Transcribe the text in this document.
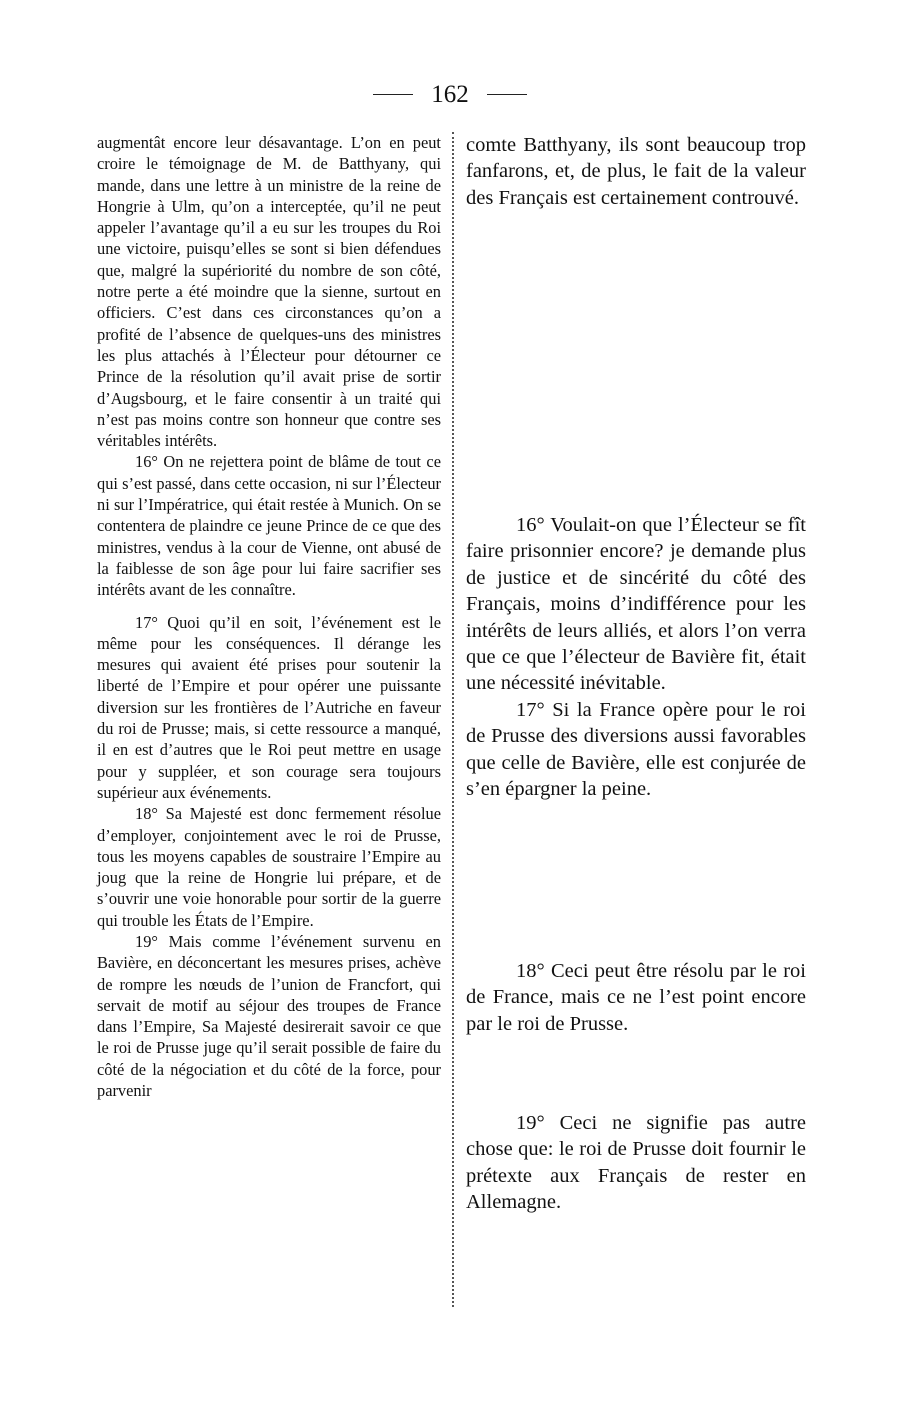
162

augmentât encore leur désavantage. L’on en peut croire le témoignage de M. de Batthyany, qui mande, dans une lettre à un ministre de la reine de Hongrie à Ulm, qu’on a interceptée, qu’il ne peut appeler l’avantage qu’il a eu sur les troupes du Roi une victoire, puisqu’elles se sont si bien défendues que, malgré la supériorité du nombre de son côté, notre perte a été moindre que la sienne, surtout en officiers. C’est dans ces circonstances qu’on a profité de l’absence de quelques-uns des ministres les plus attachés à l’Électeur pour détourner ce Prince de la résolution qu’il avait prise de sortir d’Augsbourg, et le faire consentir à un traité qui n’est pas moins contre son honneur que contre ses véritables intérêts.

16° On ne rejettera point de blâme de tout ce qui s’est passé, dans cette occasion, ni sur l’Électeur ni sur l’Impératrice, qui était restée à Munich. On se contentera de plaindre ce jeune Prince de ce que des ministres, vendus à la cour de Vienne, ont abusé de la faiblesse de son âge pour lui faire sacrifier ses intérêts avant de les connaître.

17° Quoi qu’il en soit, l’événement est le même pour les conséquences. Il dérange les mesures qui avaient été prises pour soutenir la liberté de l’Empire et pour opérer une puissante diversion sur les frontières de l’Autriche en faveur du roi de Prusse; mais, si cette ressource a manqué, il en est d’autres que le Roi peut mettre en usage pour y suppléer, et son courage sera toujours supérieur aux événements.

18° Sa Majesté est donc fermement résolue d’employer, conjointement avec le roi de Prusse, tous les moyens capables de soustraire l’Empire au joug que la reine de Hongrie lui prépare, et de s’ouvrir une voie honorable pour sortir de la guerre qui trouble les États de l’Empire.

19° Mais comme l’événement survenu en Bavière, en déconcertant les mesures prises, achève de rompre les nœuds de l’union de Francfort, qui servait de motif au séjour des troupes de France dans l’Empire, Sa Majesté desirerait savoir ce que le roi de Prusse juge qu’il serait possible de faire du côté de la négociation et du côté de la force, pour parvenir

comte Batthyany, ils sont beaucoup trop fanfarons, et, de plus, le fait de la valeur des Français est certainement controuvé.

16° Voulait-on que l’Électeur se fît faire prisonnier encore? je demande plus de justice et de sincérité du côté des Français, moins d’indifférence pour les intérêts de leurs alliés, et alors l’on verra que ce que l’électeur de Bavière fit, était une nécessité inévitable.

17° Si la France opère pour le roi de Prusse des diversions aussi favorables que celle de Bavière, elle est conjurée de s’en épargner la peine.

18° Ceci peut être résolu par le roi de France, mais ce ne l’est point encore par le roi de Prusse.

19° Ceci ne signifie pas autre chose que: le roi de Prusse doit fournir le prétexte aux Français de rester en Allemagne.
